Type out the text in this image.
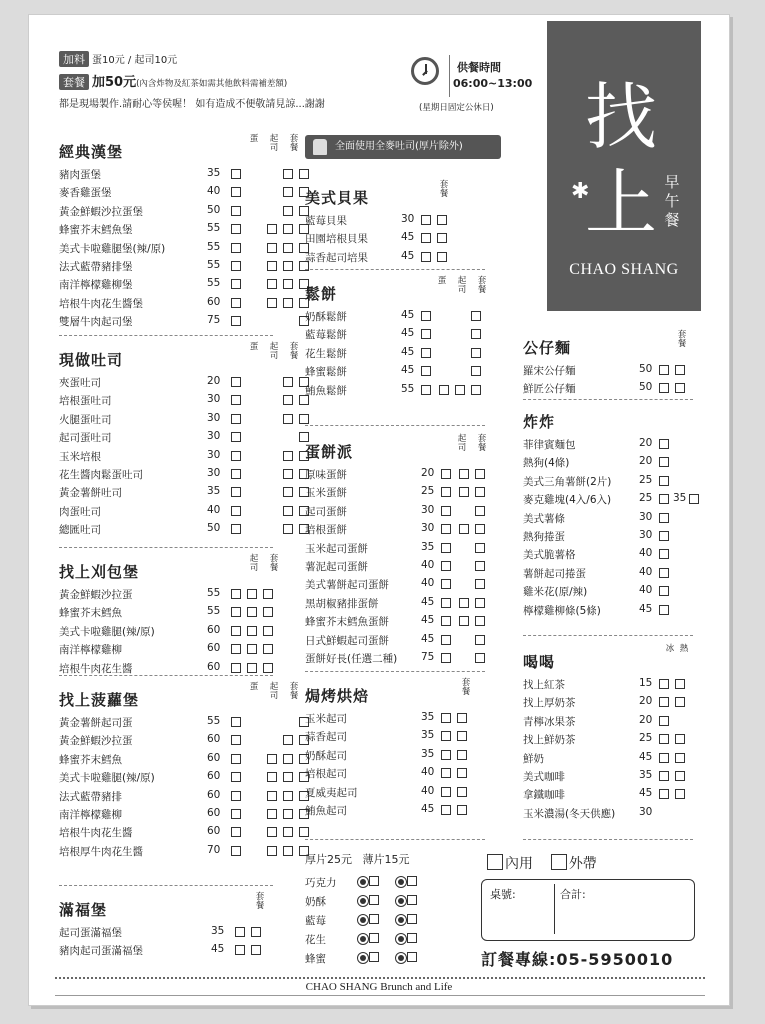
加料 蛋10元 / 起司10元
套餐 加50元(內含炸物及紅茶如需其他飲料需補差額)
都是現場製作.請耐心等侯喔！ 如有造成不便敬請見諒...謝謝
供餐時間
06:00~13:00
(星期日固定公休日) 找
✱
上 早午餐
CHAO SHANG
全面使用全麥吐司(厚片除外)
經典漢堡
蛋 起司
套餐
豬肉蛋堡	35
麥香雞蛋堡	40
黃金鮮蝦沙拉蛋堡	50
蜂蜜芥末鱈魚堡	55
美式卡啦雞腿堡(辣/原)	55
法式藍帶豬排堡	55
南洋檸檬雞柳堡	55
培根牛肉花生醬堡	60
雙層牛肉起司堡	75
現做吐司
蛋 起司
套餐
夾蛋吐司	20
培根蛋吐司	30
火腿蛋吐司	30
起司蛋吐司	30
玉米培根	30
花生醬肉鬆蛋吐司	30
黃金薯餅吐司	35
肉蛋吐司	40
總匯吐司	50
找上刈包堡
起司
套餐
黃金鮮蝦沙拉蛋	55
蜂蜜芥末鱈魚	55
美式卡啦雞腿(辣/原)	60
南洋檸檬雞柳	60
培根牛肉花生醬	60
找上菠蘿堡
蛋 起司
套餐
黃金薯餅起司蛋	55
黃金鮮蝦沙拉蛋	60
蜂蜜芥末鱈魚	60
美式卡啦雞腿(辣/原)	60
法式藍帶豬排	60
南洋檸檬雞柳	60
培根牛肉花生醬	60
培根厚牛肉花生醬	70
滿福堡
套餐
起司蛋滿福堡	35
豬肉起司蛋滿福堡	45
美式貝果
套餐
藍莓貝果	30
田園培根貝果	45
蒜香起司培果	45
鬆餅
蛋 起司
套餐
奶酥鬆餅	45
藍莓鬆餅	45
花生鬆餅	45
蜂蜜鬆餅	45
鮪魚鬆餅	55
蛋餅派
起司
套餐
原味蛋餅	20
玉米蛋餅	25
起司蛋餅	30
培根蛋餅	30
玉米起司蛋餅	35
薯泥起司蛋餅	40
美式薯餅起司蛋餅	40
黑胡椒豬排蛋餅	45
蜂蜜芥末鱈魚蛋餅	45
日式鮮蝦起司蛋餅	45
蛋餅好長(任選二種) 75
焗烤烘焙
套餐
玉米起司	35
蒜香起司	35
奶酥起司	35
培根起司	40
夏威夷起司	40
鮪魚起司	45
公仔麵
套餐
羅宋公仔麵	50
鮮匠公仔麵	50
炸炸
菲律賓麵包	20
熱狗(4條)	20
美式三角薯餅(2片)	25
麥克雞塊(4入/6入)	25 35
美式薯條	30
熱狗捲蛋	30
美式脆薯格	40
薯餅起司捲蛋	40
雞米花(原/辣)	40
檸檬雞柳條(5條)	45
喝喝
冰 熱
找上紅茶	15
找上厚奶茶	20
青檸冰果茶	20
找上鮮奶茶	25
鮮奶	45
美式咖啡	35
拿鐵咖啡	45
玉米濃湯(冬天供應) 30
厚片25元 薄片15元
巧克力
奶酥
藍莓
花生
蜂蜜
內用	外帶
桌號:	合計:
訂餐專線:05-5950010
CHAO SHANG Brunch and Life
